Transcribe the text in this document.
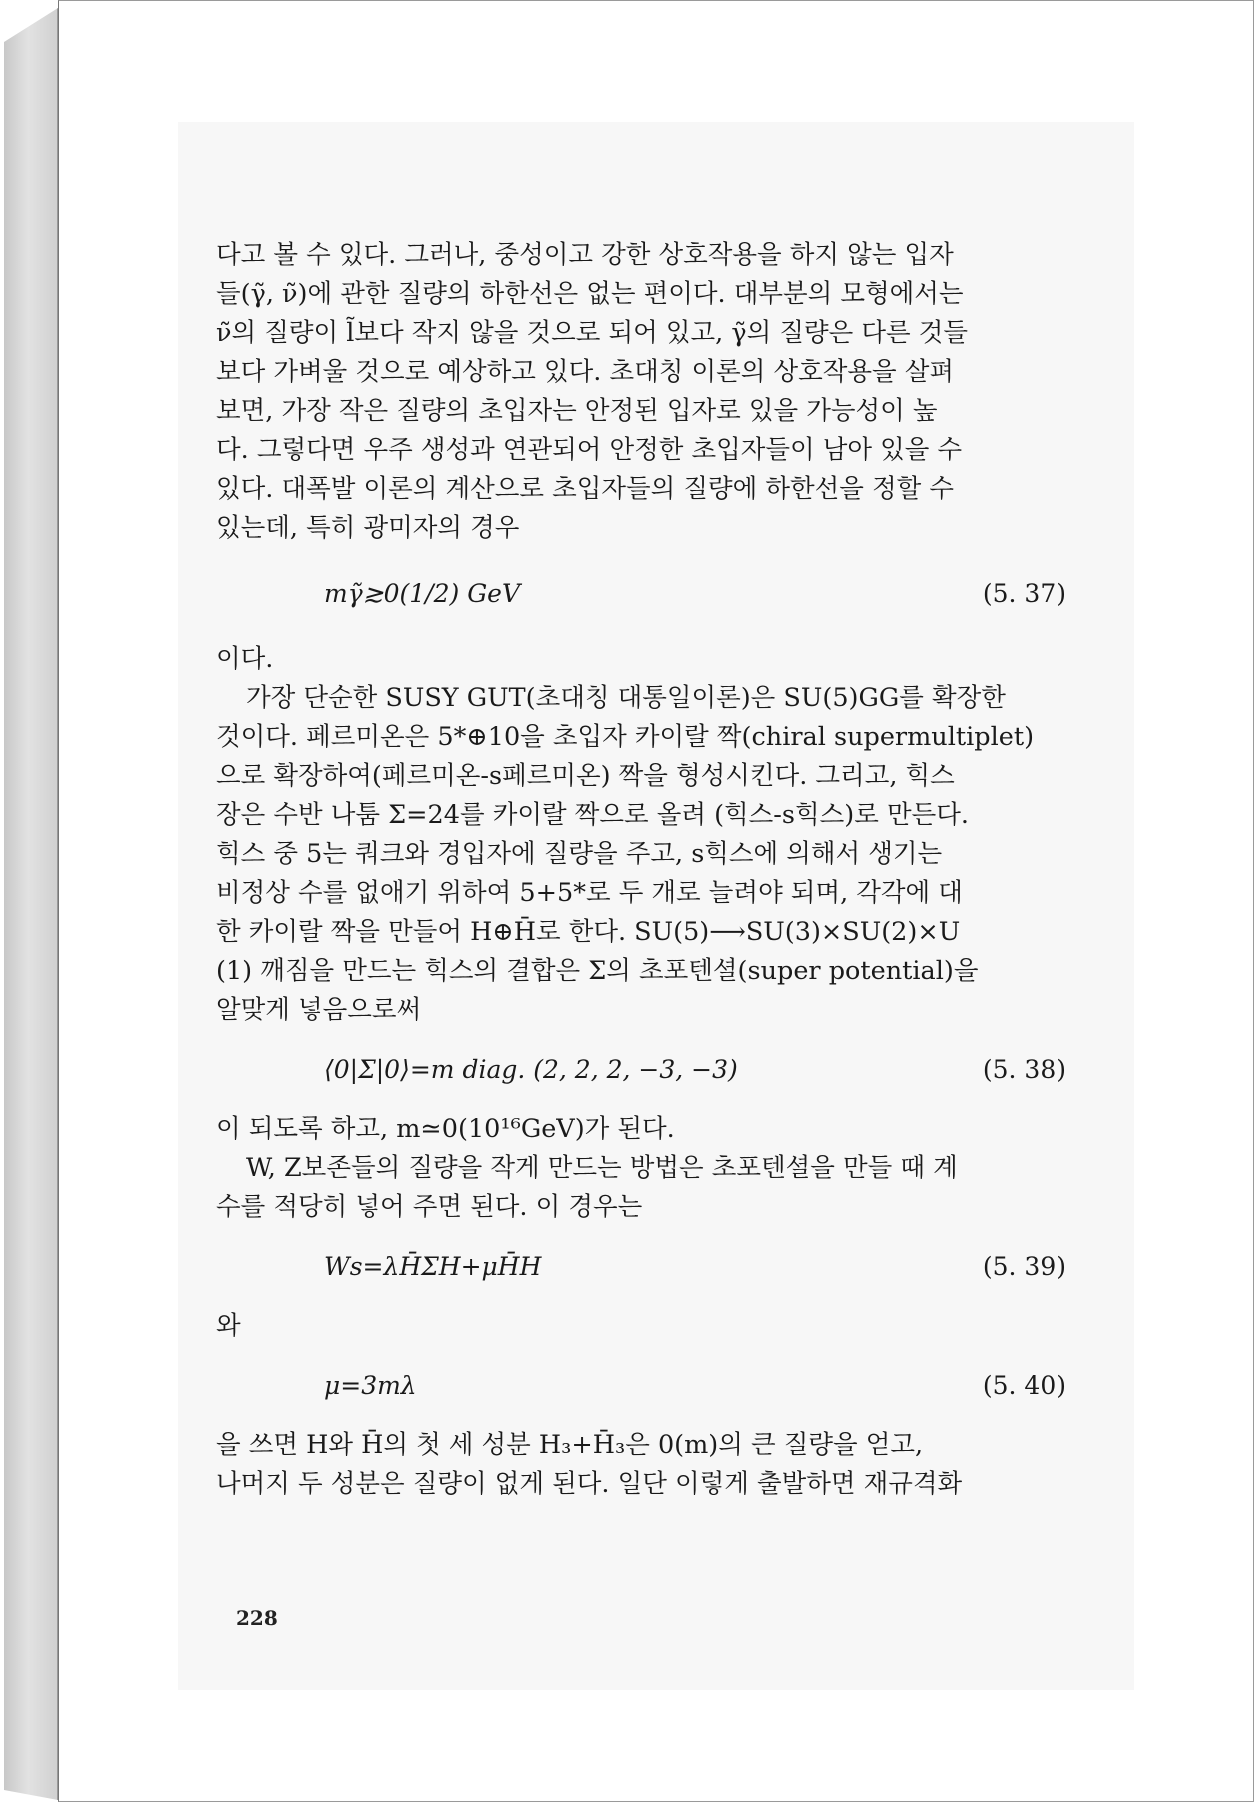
다고 볼 수 있다. 그러나, 중성이고 강한 상호작용을 하지 않는 입자
들(γ̃, ν̃)에 관한 질량의 하한선은 없는 편이다. 대부분의 모형에서는
ν̃의 질량이 l̃보다 작지 않을 것으로 되어 있고, γ̃의 질량은 다른 것들
보다 가벼울 것으로 예상하고 있다. 초대칭 이론의 상호작용을 살펴
보면, 가장 작은 질량의 초입자는 안정된 입자로 있을 가능성이 높
다. 그렇다면 우주 생성과 연관되어 안정한 초입자들이 남아 있을 수
있다. 대폭발 이론의 계산으로 초입자들의 질량에 하한선을 정할 수
있는데, 특히 광미자의 경우
mγ̃≳0(1/2) GeV	(5. 37)
이다.
가장 단순한 SUSY GUT(초대칭 대통일이론)은 SU(5)GG를 확장한
것이다. 페르미온은 5*⊕10을 초입자 카이랄 짝(chiral supermultiplet)
으로 확장하여(페르미온-s페르미온) 짝을 형성시킨다. 그리고, 힉스
장은 수반 나툼 Σ=24를 카이랄 짝으로 올려 (힉스-s힉스)로 만든다.
힉스 중 5는 쿼크와 경입자에 질량을 주고, s힉스에 의해서 생기는
비정상 수를 없애기 위하여 5+5*로 두 개로 늘려야 되며, 각각에 대
한 카이랄 짝을 만들어 H⊕H̄로 한다. SU(5)⟶SU(3)×SU(2)×U
(1) 깨짐을 만드는 힉스의 결합은 Σ의 초포텐셜(super potential)을
알맞게 넣음으로써
⟨0|Σ|0⟩=m diag. (2, 2, 2, −3, −3)	(5. 38)
이 되도록 하고, m≃0(10¹⁶GeV)가 된다.
W, Z보존들의 질량을 작게 만드는 방법은 초포텐셜을 만들 때 계
수를 적당히 넣어 주면 된다. 이 경우는
Ws=λH̄ΣH+μH̄H	(5. 39)
와
μ=3mλ	(5. 40)
을 쓰면 H와 H̄의 첫 세 성분 H₃+H̄₃은 0(m)의 큰 질량을 얻고,
나머지 두 성분은 질량이 없게 된다. 일단 이렇게 출발하면 재규격화
228
